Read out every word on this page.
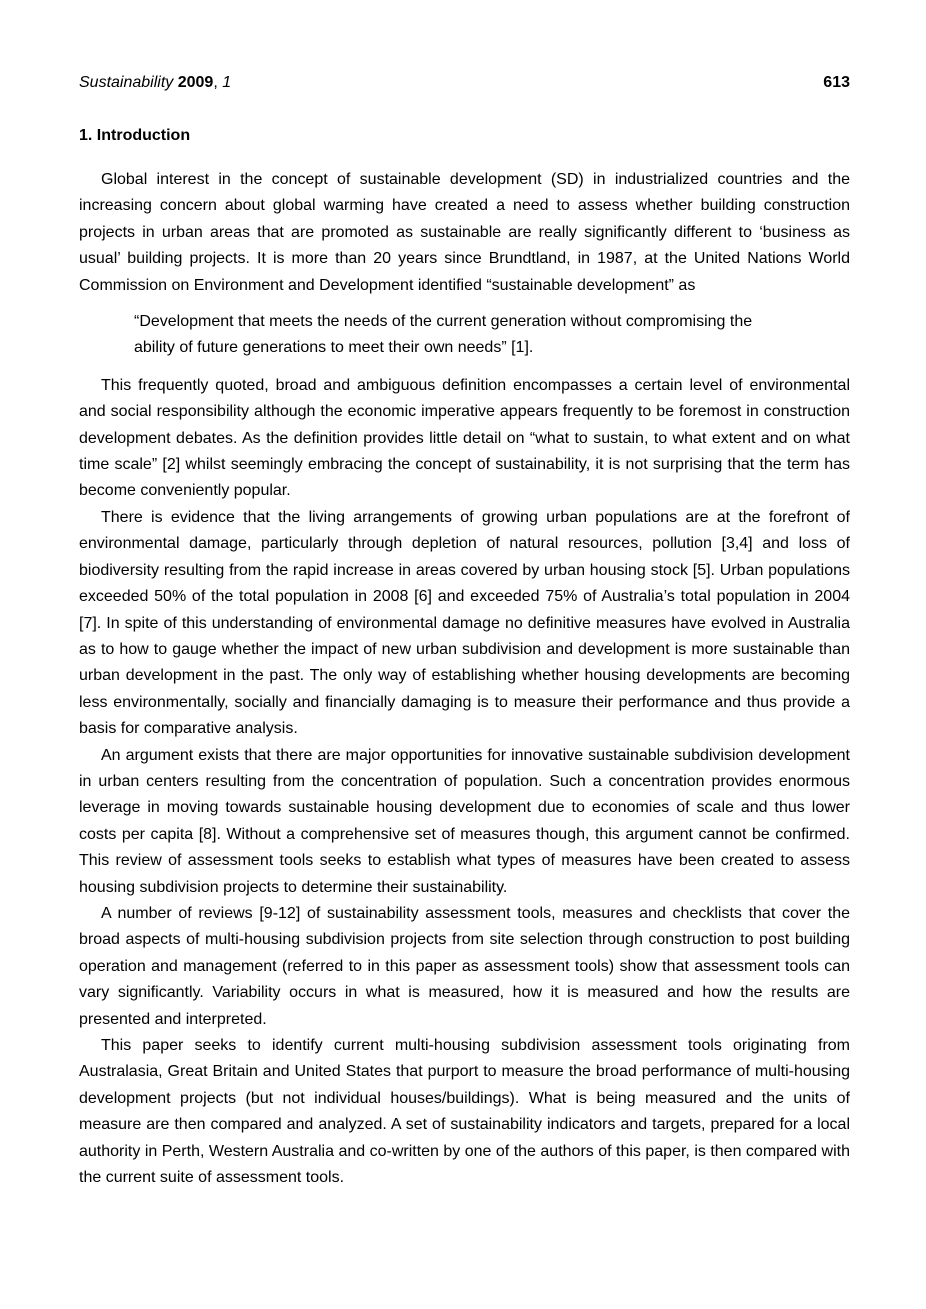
Sustainability 2009, 1	613
1. Introduction

Global interest in the concept of sustainable development (SD) in industrialized countries and the increasing concern about global warming have created a need to assess whether building construction projects in urban areas that are promoted as sustainable are really significantly different to ‘business as usual’ building projects. It is more than 20 years since Brundtland, in 1987, at the United Nations World Commission on Environment and Development identified “sustainable development” as

“Development that meets the needs of the current generation without compromising the ability of future generations to meet their own needs” [1].

This frequently quoted, broad and ambiguous definition encompasses a certain level of environmental and social responsibility although the economic imperative appears frequently to be foremost in construction development debates. As the definition provides little detail on “what to sustain, to what extent and on what time scale” [2] whilst seemingly embracing the concept of sustainability, it is not surprising that the term has become conveniently popular.

There is evidence that the living arrangements of growing urban populations are at the forefront of environmental damage, particularly through depletion of natural resources, pollution [3,4] and loss of biodiversity resulting from the rapid increase in areas covered by urban housing stock [5]. Urban populations exceeded 50% of the total population in 2008 [6] and exceeded 75% of Australia’s total population in 2004 [7]. In spite of this understanding of environmental damage no definitive measures have evolved in Australia as to how to gauge whether the impact of new urban subdivision and development is more sustainable than urban development in the past. The only way of establishing whether housing developments are becoming less environmentally, socially and financially damaging is to measure their performance and thus provide a basis for comparative analysis.

An argument exists that there are major opportunities for innovative sustainable subdivision development in urban centers resulting from the concentration of population. Such a concentration provides enormous leverage in moving towards sustainable housing development due to economies of scale and thus lower costs per capita [8]. Without a comprehensive set of measures though, this argument cannot be confirmed. This review of assessment tools seeks to establish what types of measures have been created to assess housing subdivision projects to determine their sustainability.

A number of reviews [9-12] of sustainability assessment tools, measures and checklists that cover the broad aspects of multi-housing subdivision projects from site selection through construction to post building operation and management (referred to in this paper as assessment tools) show that assessment tools can vary significantly. Variability occurs in what is measured, how it is measured and how the results are presented and interpreted.

This paper seeks to identify current multi-housing subdivision assessment tools originating from Australasia, Great Britain and United States that purport to measure the broad performance of multi-housing development projects (but not individual houses/buildings). What is being measured and the units of measure are then compared and analyzed. A set of sustainability indicators and targets, prepared for a local authority in Perth, Western Australia and co-written by one of the authors of this paper, is then compared with the current suite of assessment tools.
